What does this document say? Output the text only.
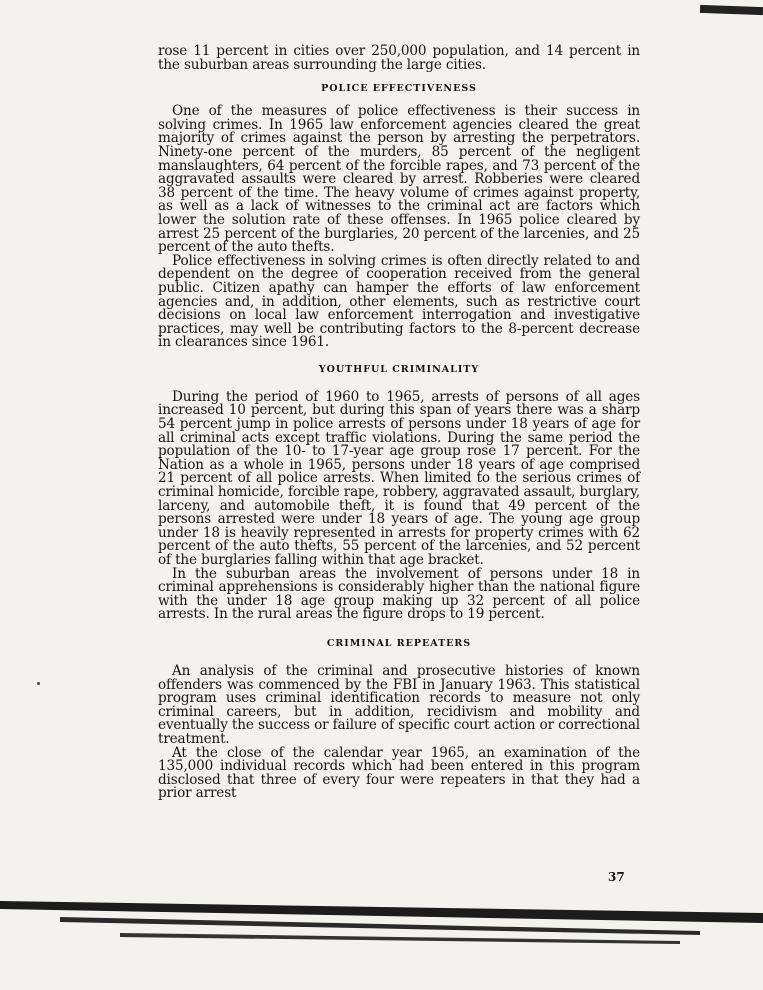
rose 11 percent in cities over 250,000 population, and 14 percent in the suburban areas surrounding the large cities.

POLICE EFFECTIVENESS

One of the measures of police effectiveness is their success in solving crimes. In 1965 law enforcement agencies cleared the great majority of crimes against the person by arresting the perpetrators. Ninety-one percent of the murders, 85 percent of the negligent manslaughters, 64 percent of the forcible rapes, and 73 percent of the aggravated assaults were cleared by arrest. Robberies were cleared 38 percent of the time. The heavy volume of crimes against property, as well as a lack of witnesses to the criminal act are factors which lower the solution rate of these offenses. In 1965 police cleared by arrest 25 percent of the burglaries, 20 percent of the larcenies, and 25 percent of the auto thefts.

Police effectiveness in solving crimes is often directly related to and dependent on the degree of cooperation received from the general public. Citizen apathy can hamper the efforts of law enforcement agencies and, in addition, other elements, such as restrictive court decisions on local law enforcement interrogation and investigative practices, may well be contributing factors to the 8-percent decrease in clearances since 1961.

YOUTHFUL CRIMINALITY

During the period of 1960 to 1965, arrests of persons of all ages increased 10 percent, but during this span of years there was a sharp 54 percent jump in police arrests of persons under 18 years of age for all criminal acts except traffic violations. During the same period the population of the 10- to 17-year age group rose 17 percent. For the Nation as a whole in 1965, persons under 18 years of age comprised 21 percent of all police arrests. When limited to the serious crimes of criminal homicide, forcible rape, robbery, aggravated assault, burglary, larceny, and automobile theft, it is found that 49 percent of the persons arrested were under 18 years of age. The young age group under 18 is heavily represented in arrests for property crimes with 62 percent of the auto thefts, 55 percent of the larcenies, and 52 percent of the burglaries falling within that age bracket.

In the suburban areas the involvement of persons under 18 in criminal apprehensions is considerably higher than the national figure with the under 18 age group making up 32 percent of all police arrests. In the rural areas the figure drops to 19 percent.

CRIMINAL REPEATERS

An analysis of the criminal and prosecutive histories of known offenders was commenced by the FBI in January 1963. This statistical program uses criminal identification records to measure not only criminal careers, but in addition, recidivism and mobility and eventually the success or failure of specific court action or correctional treatment.

At the close of the calendar year 1965, an examination of the 135,000 individual records which had been entered in this program disclosed that three of every four were repeaters in that they had a prior arrest

37
